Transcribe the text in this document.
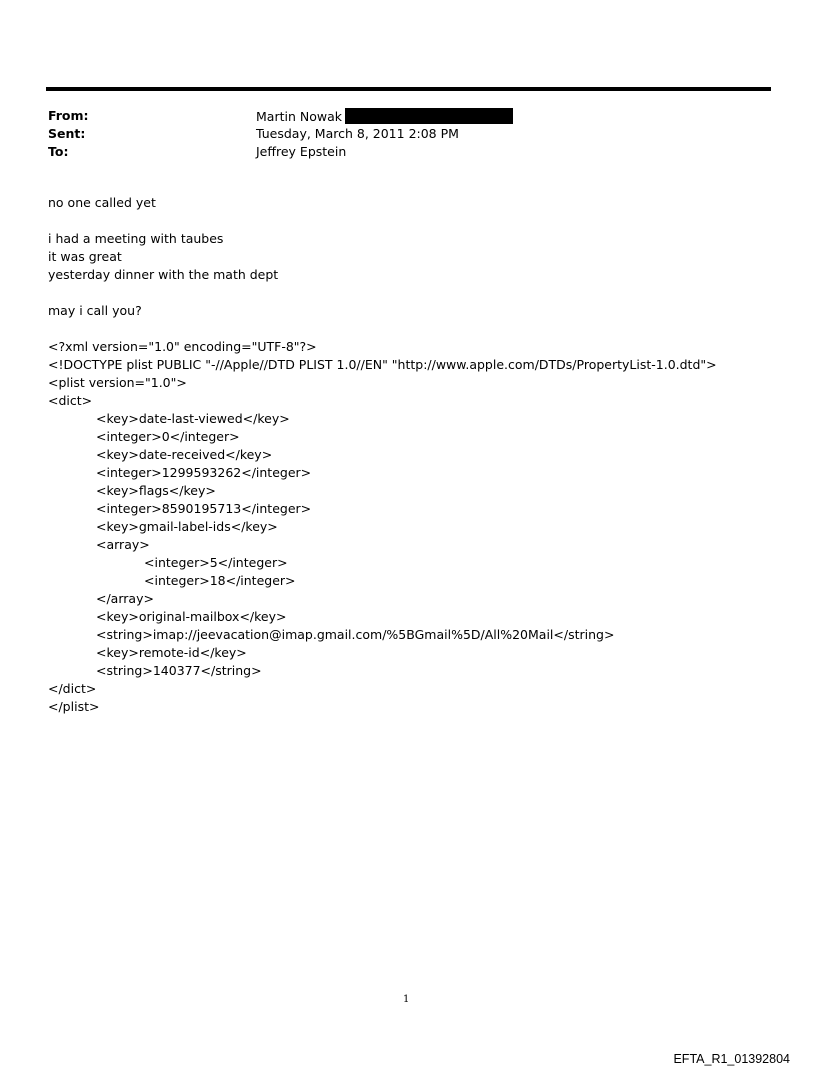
From:	Martin Nowak
Sent:	Tuesday, March 8, 2011 2:08 PM
To:	Jeffrey Epstein
no one called yet
i had a meeting with taubes
it was great
yesterday dinner with the math dept
may i call you?
<?xml version="1.0" encoding="UTF-8"?>
<!DOCTYPE plist PUBLIC "-//Apple//DTD PLIST 1.0//EN" "http://www.apple.com/DTDs/PropertyList-1.0.dtd">
<plist version="1.0">
<dict>
<key>date-last-viewed</key>
<integer>0</integer>
<key>date-received</key>
<integer>1299593262</integer>
<key>flags</key>
<integer>8590195713</integer>
<key>gmail-label-ids</key>
<array>
<integer>5</integer>
<integer>18</integer>
</array>
<key>original-mailbox</key>
<string>imap://jeevacation@imap.gmail.com/%5BGmail%5D/All%20Mail</string>
<key>remote-id</key>
<string>140377</string>
</dict>
</plist>
1
EFTA_R1_01392804
